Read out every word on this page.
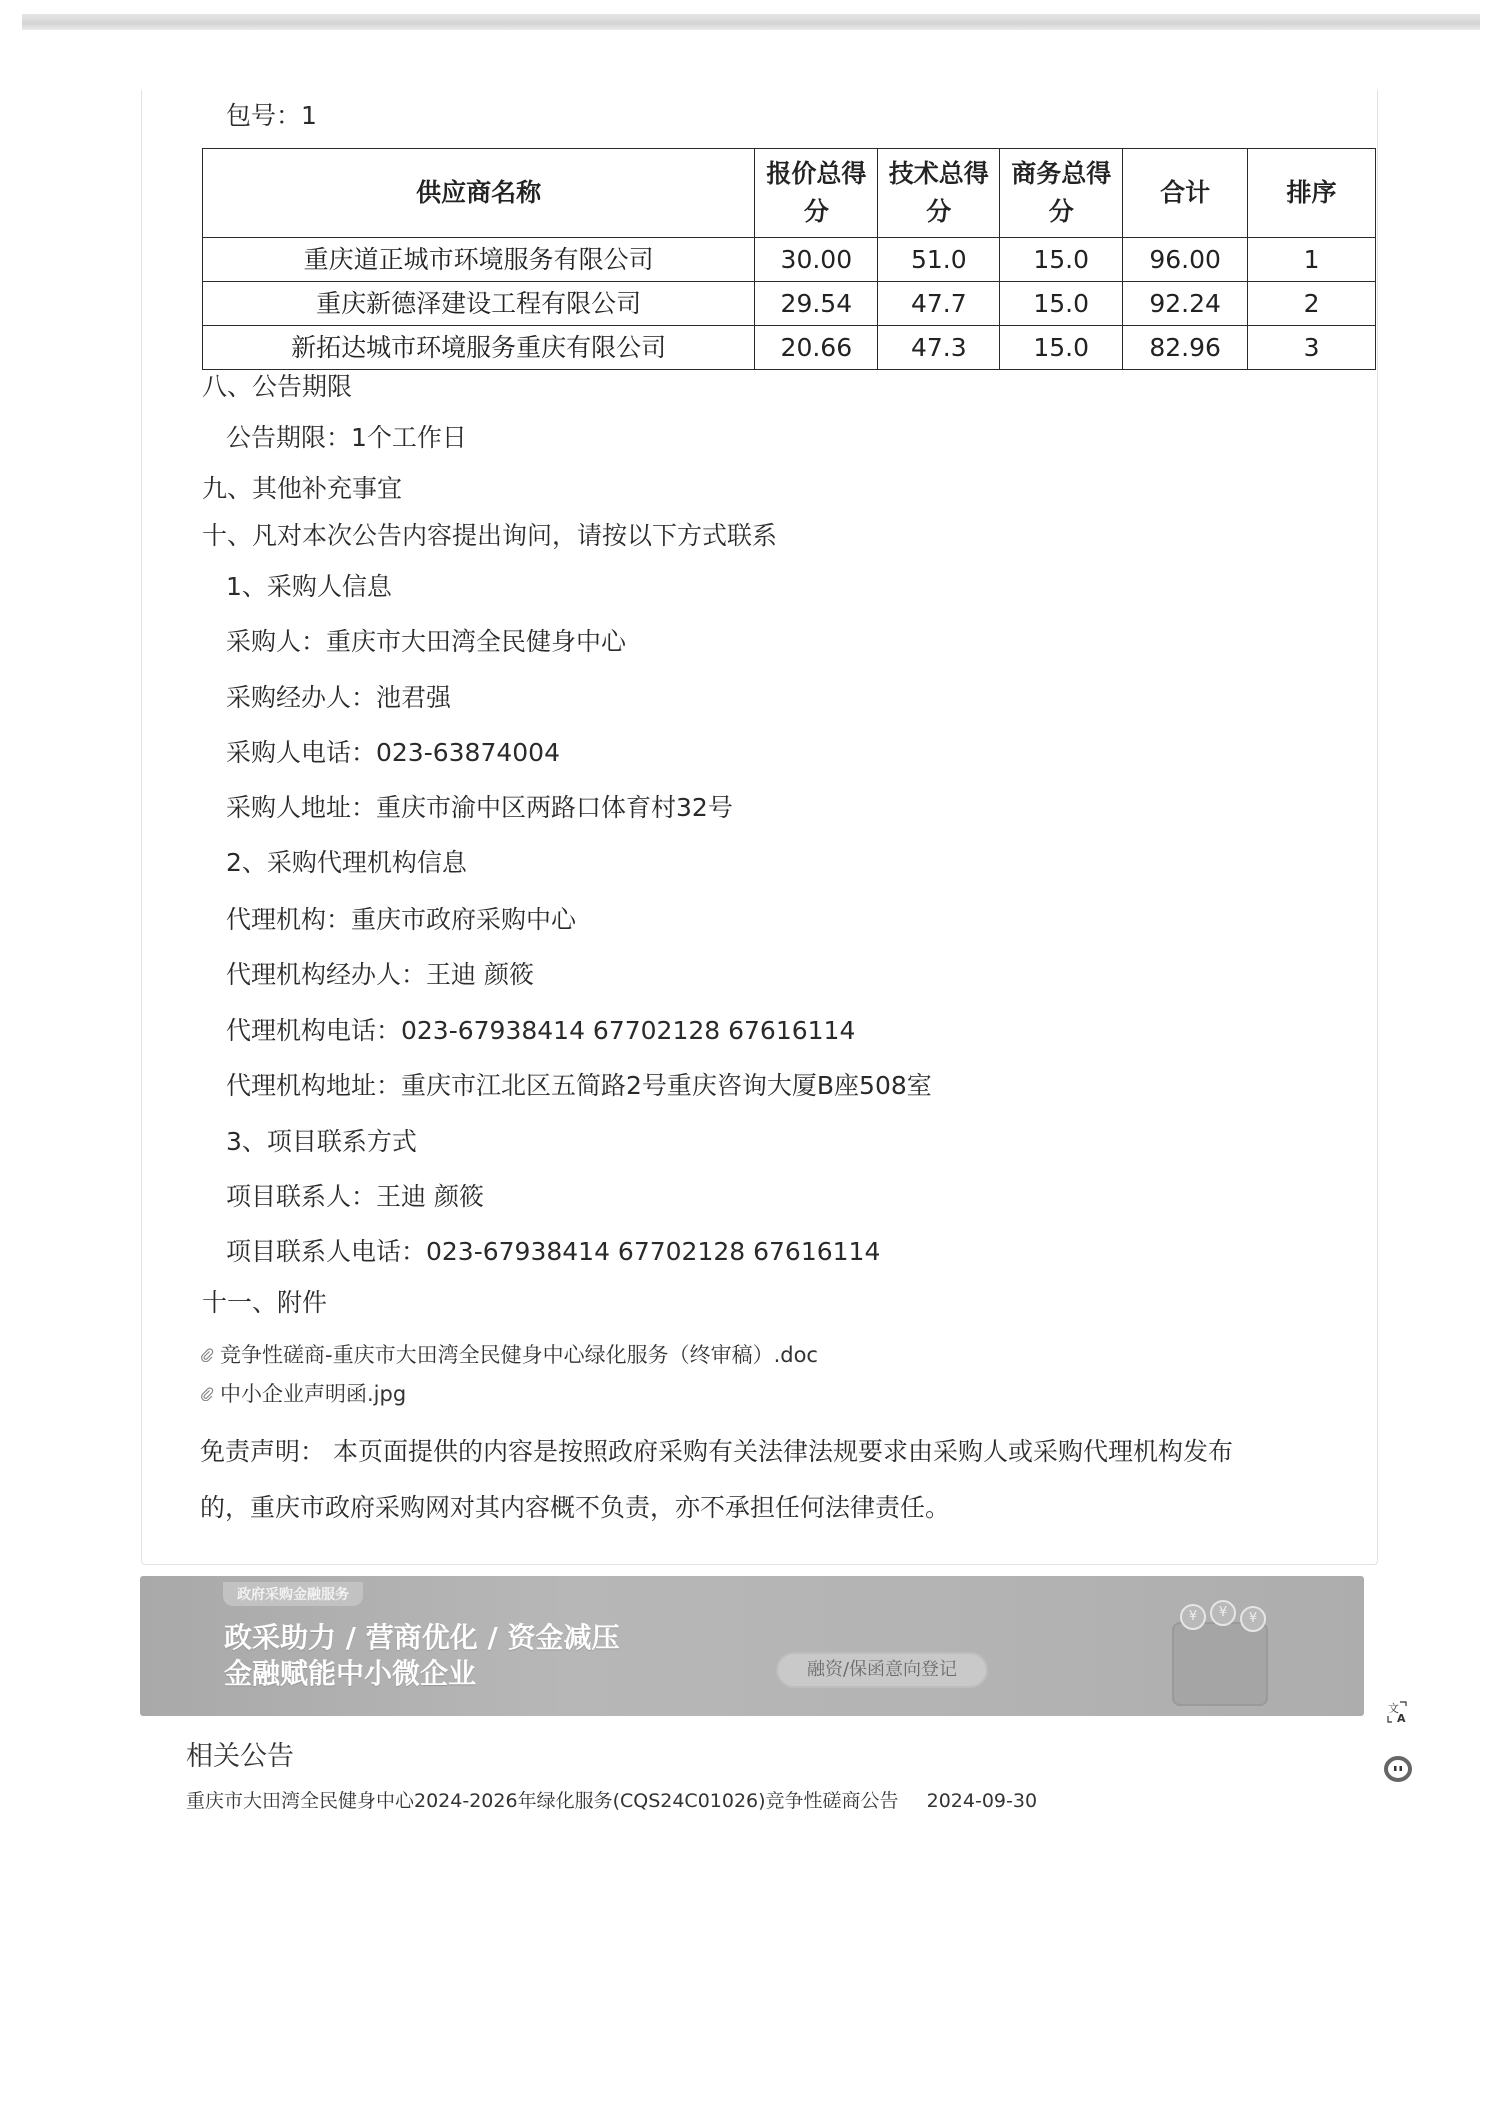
包号：1
供应商名称	报价总得分	技术总得分	商务总得分	合计	排序
重庆道正城市环境服务有限公司	30.00	51.0	15.0	96.00	1
重庆新德泽建设工程有限公司	29.54	47.7	15.0	92.24	2
新拓达城市环境服务重庆有限公司	20.66	47.3	15.0	82.96	3
八、公告期限
公告期限：1个工作日
九、其他补充事宜
十、凡对本次公告内容提出询问，请按以下方式联系
1、采购人信息
采购人：重庆市大田湾全民健身中心
采购经办人：池君强
采购人电话：023-63874004
采购人地址：重庆市渝中区两路口体育村32号
2、采购代理机构信息
代理机构：重庆市政府采购中心
代理机构经办人：王迪 颜筱
代理机构电话：023-67938414 67702128 67616114
代理机构地址：重庆市江北区五简路2号重庆咨询大厦B座508室
3、项目联系方式
项目联系人：王迪 颜筱
项目联系人电话：023-67938414 67702128 67616114
十一、附件
竞争性磋商-重庆市大田湾全民健身中心绿化服务（终审稿）.doc
中小企业声明函.jpg
免责声明： 本页面提供的内容是按照政府采购有关法律法规要求由采购人或采购代理机构发布
的，重庆市政府采购网对其内容概不负责，亦不承担任何法律责任。
政府采购金融服务
政采助力 / 营商优化 / 资金减压
金融赋能中小微企业	融资/保函意向登记
¥	¥	¥
相关公告
重庆市大田湾全民健身中心2024-2026年绿化服务(CQS24C01026)竞争性磋商公告 2024-09-30
文
A
